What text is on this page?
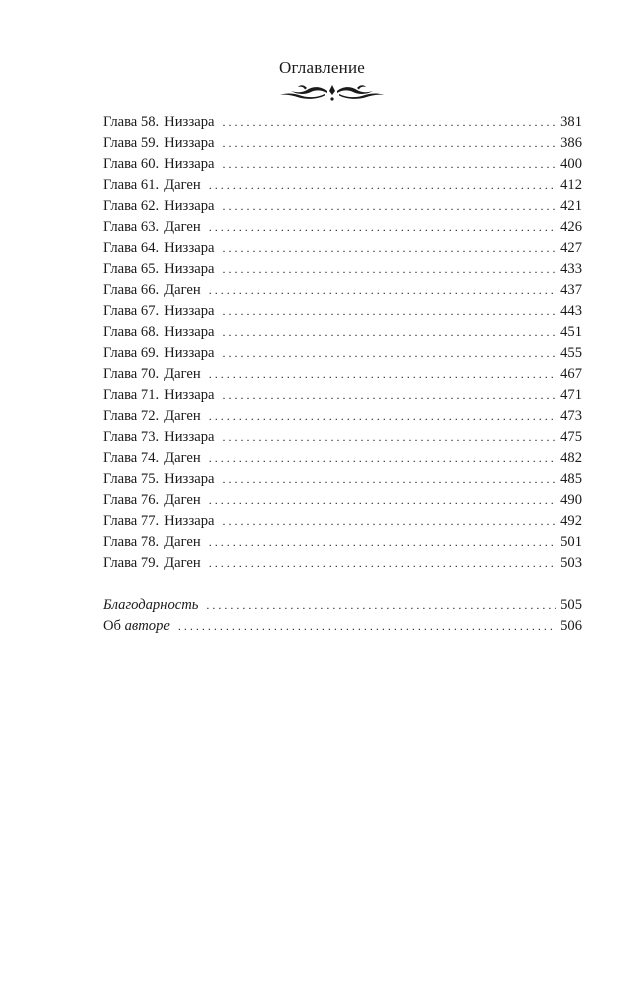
Оглавление
Глава 58. Низзара . . .	381
Глава 59. Низзара . . .	386
Глава 60. Низзара . . .	400
Глава 61. Даген . . .	412
Глава 62. Низзара . . .	421
Глава 63. Даген . . .	426
Глава 64. Низзара . . .	427
Глава 65. Низзара . . .	433
Глава 66. Даген . . .	437
Глава 67. Низзара . . .	443
Глава 68. Низзара . . .	451
Глава 69. Низзара . . .	455
Глава 70. Даген . . .	467
Глава 71. Низзара . . .	471
Глава 72. Даген . . .	473
Глава 73. Низзара . . .	475
Глава 74. Даген . . .	482
Глава 75. Низзара . . .	485
Глава 76. Даген . . .	490
Глава 77. Низзара . . .	492
Глава 78. Даген . . .	501
Глава 79. Даген . . .	503
Благодарность . . .	505
Об авторе . . .	506
